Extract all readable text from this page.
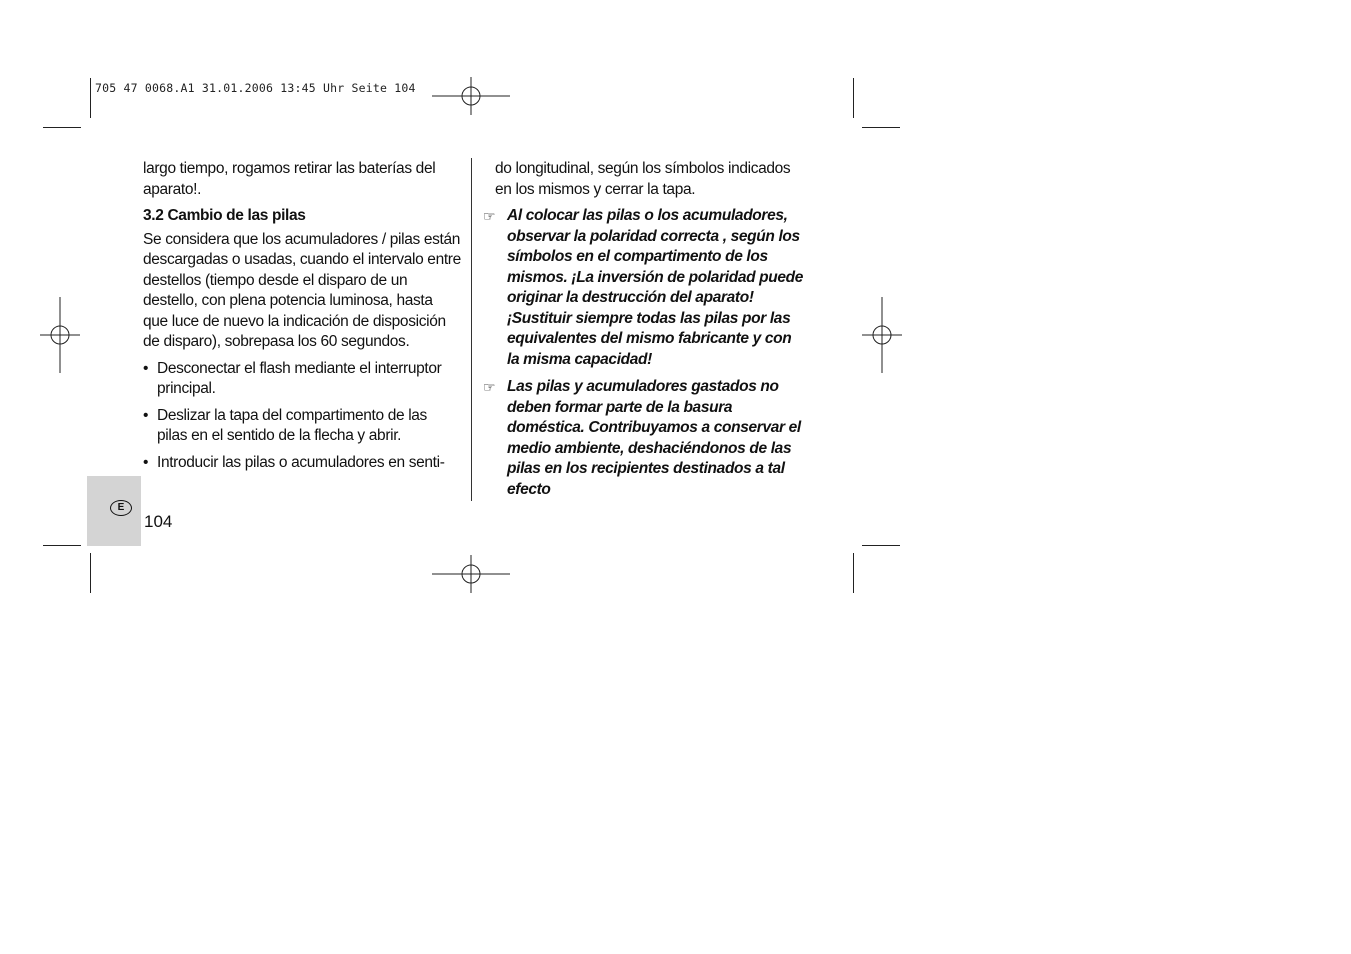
705 47 0068.A1 31.01.2006 13:45 Uhr Seite 104

largo tiempo, rogamos retirar las baterías del aparato!.

3.2 Cambio de las pilas

Se considera que los acumuladores / pilas están descargadas o usadas, cuando el intervalo entre destellos (tiempo desde el disparo de un destello, con plena potencia luminosa, hasta que luce de nuevo la indicación de disposición de disparo), sobrepasa los 60 segundos.

• Desconectar el flash mediante el interruptor principal.
• Deslizar la tapa del compartimento de las pilas en el sentido de la flecha y abrir.
• Introducir las pilas o acumuladores en senti-

do longitudinal, según los símbolos indicados en los mismos y cerrar la tapa.

☞ Al colocar las pilas o los acumuladores, observar la polaridad correcta , según los símbolos en el compartimento de los mismos. ¡La inversión de polaridad puede originar la destrucción del aparato! ¡Sustituir siempre todas las pilas por las equivalentes del mismo fabricante y con la misma capacidad!
☞ Las pilas y acumuladores gastados no deben formar parte de la basura doméstica. Contribuyamos a conservar el medio ambiente, deshaciéndonos de las pilas en los recipientes destinados a tal efecto
E
104
